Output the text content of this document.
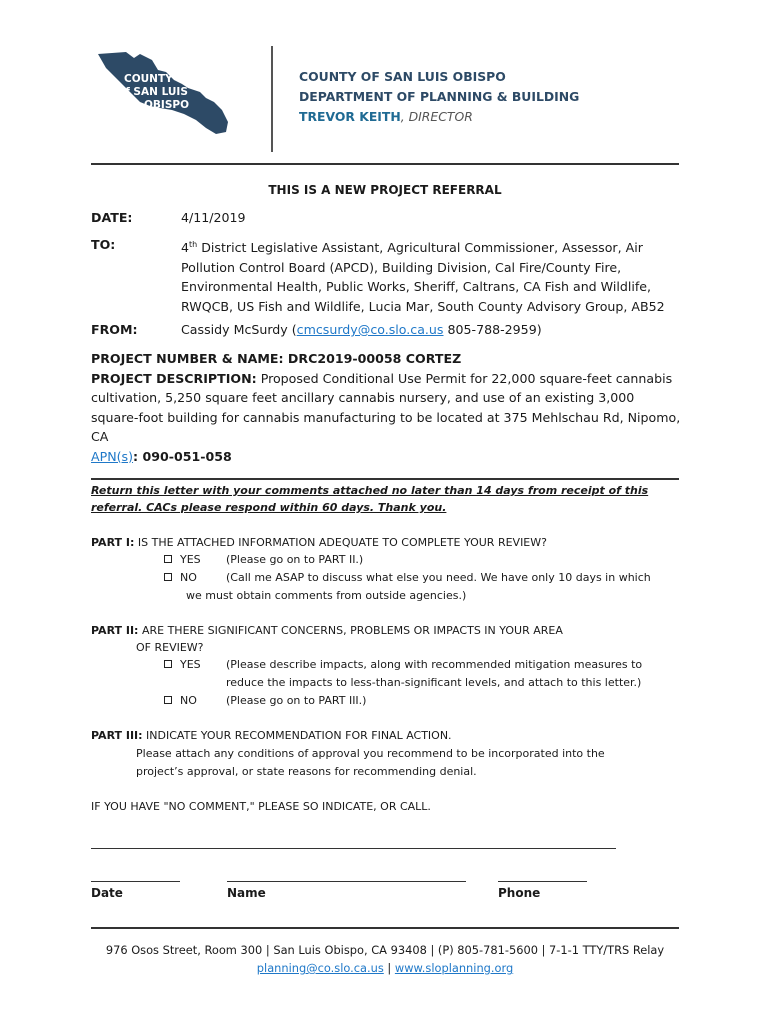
COUNTY
of SAN LUIS
OBISPO
COUNTY OF SAN LUIS OBISPO
DEPARTMENT OF PLANNING & BUILDING
TREVOR KEITH, DIRECTOR
THIS IS A NEW PROJECT REFERRAL
DATE:	4/11/2019
TO:	4th District Legislative Assistant, Agricultural Commissioner, Assessor, Air Pollution Control Board (APCD), Building Division, Cal Fire/County Fire, Environmental Health, Public Works, Sheriff, Caltrans, CA Fish and Wildlife, RWQCB, US Fish and Wildlife, Lucia Mar, South County Advisory Group, AB52
FROM:	Cassidy McSurdy (cmcsurdy@co.slo.ca.us 805-788-2959)
PROJECT NUMBER & NAME: DRC2019-00058 CORTEZ
PROJECT DESCRIPTION: Proposed Conditional Use Permit for 22,000 square-feet cannabis cultivation, 5,250 square feet ancillary cannabis nursery, and use of an existing 3,000 square-foot building for cannabis manufacturing to be located at 375 Mehlschau Rd, Nipomo, CA
APN(s): 090-051-058
Return this letter with your comments attached no later than 14 days from receipt of this referral. CACs please respond within 60 days. Thank you.
PART I: IS THE ATTACHED INFORMATION ADEQUATE TO COMPLETE YOUR REVIEW?
YES (Please go on to PART II.)
NO	(Call me ASAP to discuss what else you need. We have only 10 days in which
we must obtain comments from outside agencies.)
PART II: ARE THERE SIGNIFICANT CONCERNS, PROBLEMS OR IMPACTS IN YOUR AREA
OF REVIEW?
YES (Please describe impacts, along with recommended mitigation measures to
reduce the impacts to less-than-significant levels, and attach to this letter.)
NO	(Please go on to PART III.)
PART III: INDICATE YOUR RECOMMENDATION FOR FINAL ACTION.
Please attach any conditions of approval you recommend to be incorporated into the
project’s approval, or state reasons for recommending denial.
IF YOU HAVE "NO COMMENT," PLEASE SO INDICATE, OR CALL.
Date	Name	Phone
976 Osos Street, Room 300 | San Luis Obispo, CA 93408 | (P) 805-781-5600 | 7-1-1 TTY/TRS Relay
planning@co.slo.ca.us | www.sloplanning.org
